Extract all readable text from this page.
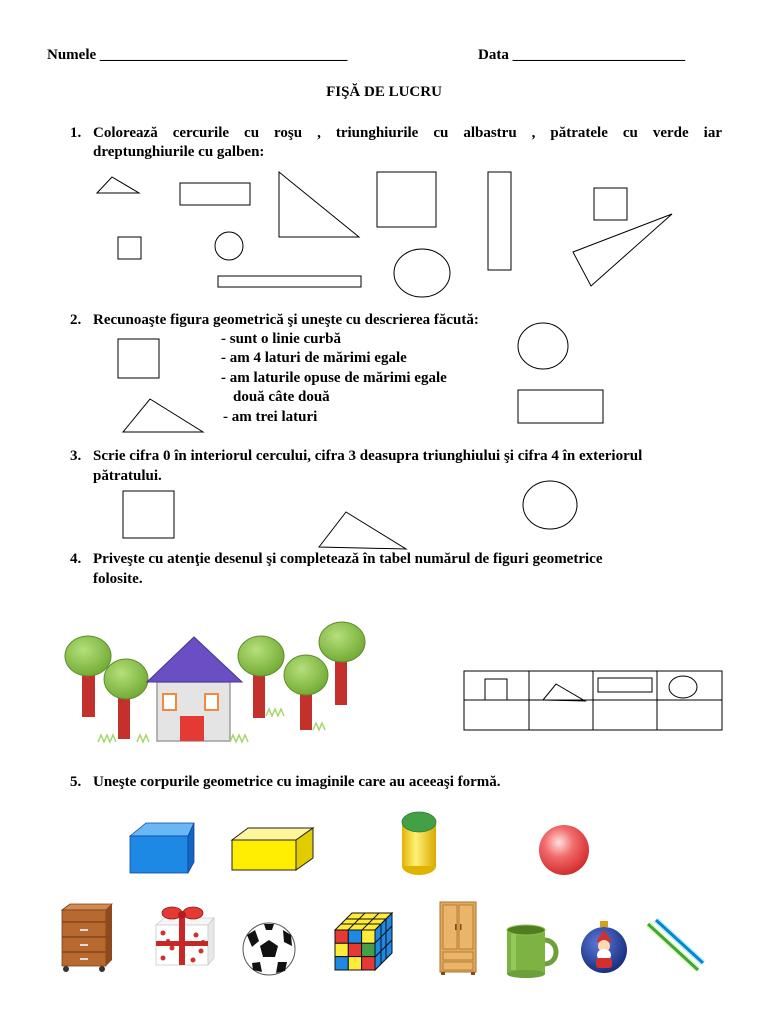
Numele _________________________________	Data _______________________
FIŞĂ DE LUCRU
1. Colorează cercurile cu roşu , triunghiurile cu albastru , pătratele cu verde iar
dreptunghiurile cu galben:
2. Recunoaşte figura geometrică şi uneşte cu descrierea făcută:
- sunt o linie curbă
- am 4 laturi de mărimi egale
- am laturile opuse de mărimi egale
două câte două
- am trei laturi
3. Scrie cifra 0 în interiorul cercului, cifra 3 deasupra triunghiului şi cifra 4 în exteriorul
pătratului.
4. Priveşte cu atenţie desenul şi completează în tabel numărul de figuri geometrice
folosite.
5. Uneşte corpurile geometrice cu imaginile care au aceeaşi formă.
